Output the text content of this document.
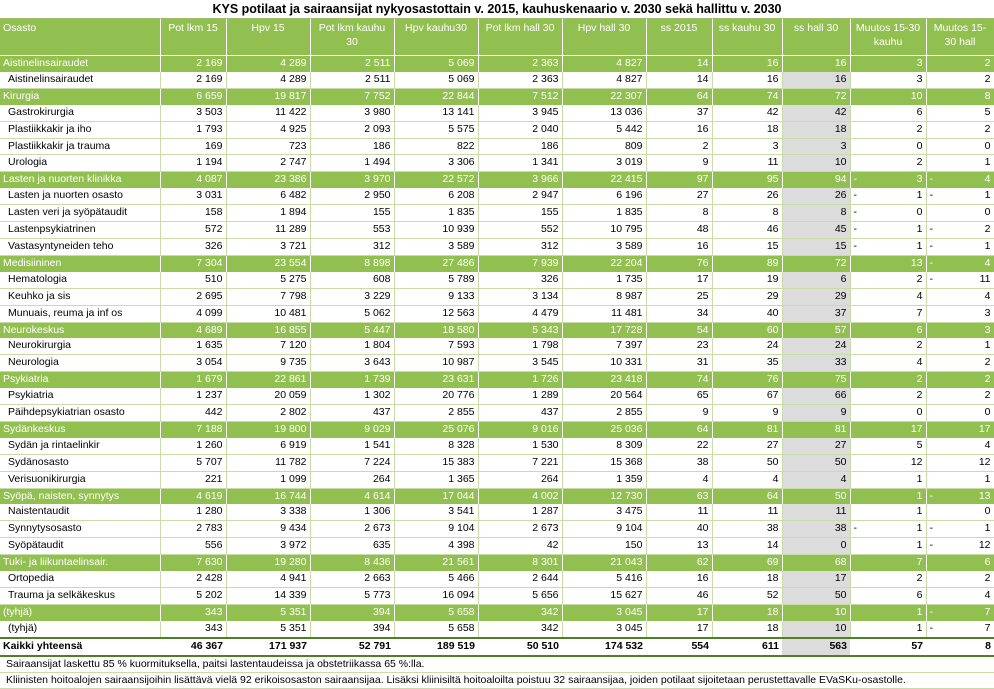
KYS potilaat ja sairaansijat nykyosastottain v. 2015, kauhuskenaario v. 2030 sekä hallittu v. 2030
Osasto	Pot lkm 15	Hpv 15	Pot lkm kauhu 30	Hpv kauhu30	Pot lkm hall 30	Hpv hall 30	ss 2015	ss kauhu 30	ss hall 30	Muutos 15-30 kauhu	Muutos 15-30 hall
Aistinelinsairaudet	2 169	4 289	2 511	5 069	2 363	4 827	14	16	16	3	2
Aistinelinsairaudet	2 169	4 289	2 511	5 069	2 363	4 827	14	16	16	3	2
Kirurgia	6 659	19 817	7 752	22 844	7 512	22 307	64	74	72	10	8
Gastrokirurgia	3 503	11 422	3 980	13 141	3 945	13 036	37	42	42	6	5
Plastiikkakir ja iho	1 793	4 925	2 093	5 575	2 040	5 442	16	18	18	2	2
Plastiikkakir ja trauma	169	723	186	822	186	809	2	3	3	0	0
Urologia	1 194	2 747	1 494	3 306	1 341	3 019	9	11	10	2	1
Lasten ja nuorten klinikka	4 087	23 386	3 970	22 572	3 966	22 415	97	95	94	- 3	- 4
Lasten ja nuorten osasto	3 031	6 482	2 950	6 208	2 947	6 196	27	26	26	- 1	- 1
Lasten veri ja syöpätaudit	158	1 894	155	1 835	155	1 835	8	8	8	- 0	0
Lastenpsykiatrinen	572	11 289	553	10 939	552	10 795	48	46	45	- 1	- 2
Vastasyntyneiden teho	326	3 721	312	3 589	312	3 589	16	15	15	- 1	- 1
Medisiininen	7 304	23 554	8 898	27 486	7 939	22 204	76	89	72	13	- 4
Hematologia	510	5 275	608	5 789	326	1 735	17	19	6	2	- 11
Keuhko ja sis	2 695	7 798	3 229	9 133	3 134	8 987	25	29	29	4	4
Munuais, reuma ja inf os	4 099	10 481	5 062	12 563	4 479	11 481	34	40	37	7	3
Neurokeskus	4 689	16 855	5 447	18 580	5 343	17 728	54	60	57	6	3
Neurokirurgia	1 635	7 120	1 804	7 593	1 798	7 397	23	24	24	2	1
Neurologia	3 054	9 735	3 643	10 987	3 545	10 331	31	35	33	4	2
Psykiatria	1 679	22 861	1 739	23 631	1 726	23 418	74	76	75	2	2
Psykiatria	1 237	20 059	1 302	20 776	1 289	20 564	65	67	66	2	2
Päihdepsykiatrian osasto	442	2 802	437	2 855	437	2 855	9	9	9	0	0
Sydänkeskus	7 188	19 800	9 029	25 076	9 016	25 036	64	81	81	17	17
Sydän ja rintaelinkir	1 260	6 919	1 541	8 328	1 530	8 309	22	27	27	5	4
Sydänosasto	5 707	11 782	7 224	15 383	7 221	15 368	38	50	50	12	12
Verisuonikirurgia	221	1 099	264	1 365	264	1 359	4	4	4	1	1
Syöpä, naisten, synnytys	4 619	16 744	4 614	17 044	4 002	12 730	63	64	50	1	- 13
Naistentaudit	1 280	3 338	1 306	3 541	1 287	3 475	11	11	11	1	0
Synnytysosasto	2 783	9 434	2 673	9 104	2 673	9 104	40	38	38	- 1	- 1
Syöpätaudit	556	3 972	635	4 398	42	150	13	14	0	1	- 12
Tuki- ja liikuntaelinsair.	7 630	19 280	8 436	21 561	8 301	21 043	62	69	68	7	6
Ortopedia	2 428	4 941	2 663	5 466	2 644	5 416	16	18	17	2	2
Trauma ja selkäkeskus	5 202	14 339	5 773	16 094	5 656	15 627	46	52	50	6	4
(tyhjä)	343	5 351	394	5 658	342	3 045	17	18	10	1	- 7
(tyhjä)	343	5 351	394	5 658	342	3 045	17	18	10	1	- 7
Kaikki yhteensä	46 367	171 937	52 791	189 519	50 510	174 532	554	611	563	57	8
Sairaansijat laskettu 85 % kuormituksella, paitsi lastentaudeissa ja obstetriikassa 65 %:lla.
Kliinisten hoitoalojen sairaansijoihin lisättävä vielä 92 erikoisosaston sairaansijaa. Lisäksi kliinisiltä hoitoaloilta poistuu 32 sairaansijaa, joiden potilaat sijoitetaan perustettavalle EVaSKu-osastolle.
